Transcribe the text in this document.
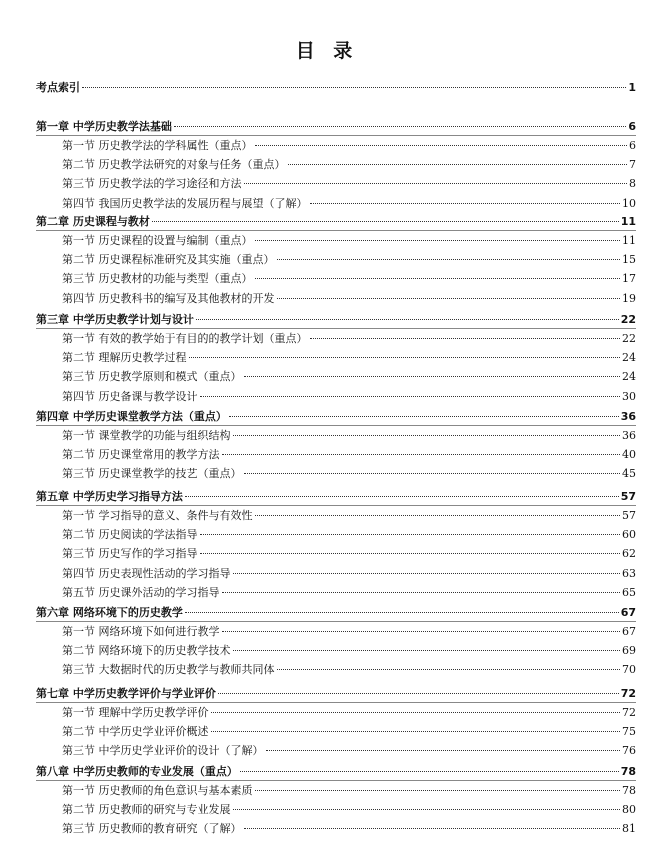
目 录
考点索引	1
第一章 中学历史教学法基础	6
第一节 历史教学法的学科属性（重点）	6
第二节 历史教学法研究的对象与任务（重点）	7
第三节 历史教学法的学习途径和方法	8
第四节 我国历史教学法的发展历程与展望（了解）	10
第二章 历史课程与教材	11
第一节 历史课程的设置与编制（重点）	11
第二节 历史课程标准研究及其实施（重点）	15
第三节 历史教材的功能与类型（重点）	17
第四节 历史教科书的编写及其他教材的开发	19
第三章 中学历史教学计划与设计	22
第一节 有效的教学始于有目的的教学计划（重点）	22
第二节 理解历史教学过程	24
第三节 历史教学原则和模式（重点）	24
第四节 历史备课与教学设计	30
第四章 中学历史课堂教学方法（重点）	36
第一节 课堂教学的功能与组织结构	36
第二节 历史课堂常用的教学方法	40
第三节 历史课堂教学的技艺（重点）	45
第五章 中学历史学习指导方法	57
第一节 学习指导的意义、条件与有效性	57
第二节 历史阅读的学法指导	60
第三节 历史写作的学习指导	62
第四节 历史表现性活动的学习指导	63
第五节 历史课外活动的学习指导	65
第六章 网络环境下的历史教学	67
第一节 网络环境下如何进行教学	67
第二节 网络环境下的历史教学技术	69
第三节 大数据时代的历史教学与教师共同体	70
第七章 中学历史教学评价与学业评价	72
第一节 理解中学历史教学评价	72
第二节 中学历史学业评价概述	75
第三节 中学历史学业评价的设计（了解）	76
第八章 中学历史教师的专业发展（重点）	78
第一节 历史教师的角色意识与基本素质	78
第二节 历史教师的研究与专业发展	80
第三节 历史教师的教育研究（了解）	81
